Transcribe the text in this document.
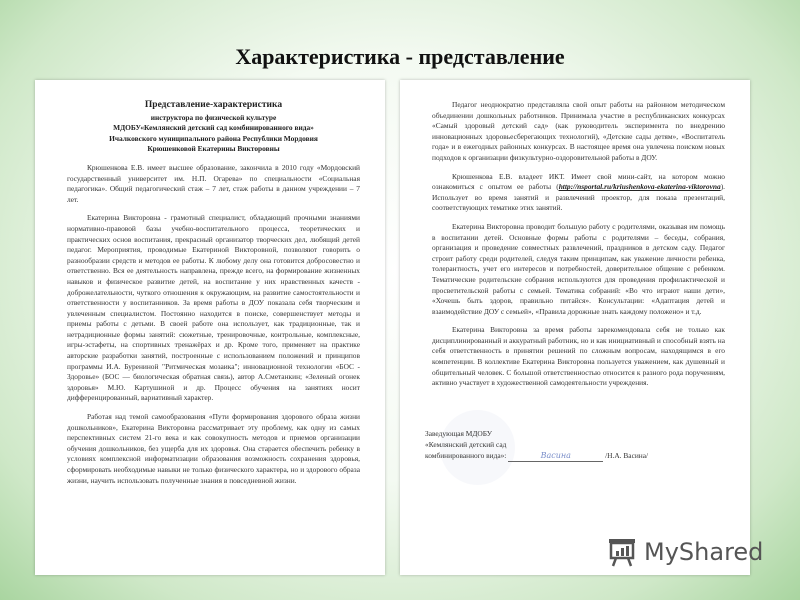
Характеристика - представление
Представление-характеристика
инструктора по физической культуре
МДОБУ«Кемлянский детский сад комбинированного вида»
Ичалковского муниципального района Республики Мордовия
Крюшенковой Екатерины Викторовны

Крюшенкова Е.В. имеет высшее образование, закончила в 2010 году «Мордовский государственный университет им. Н.П. Огарева» по специальности «Социальная педагогика». Общий педагогический стаж – 7 лет, стаж работы в данном учреждении – 7 лет.

Екатерина Викторовна - грамотный специалист, обладающий прочными знаниями нормативно-правовой базы учебно-воспитательного процесса, теоретических и практических основ воспитания, прекрасный организатор творческих дел, любящий детей педагог. Мероприятия, проводимые Екатериной Викторовной, позволяют говорить о разнообразии средств и методов ее работы. К любому делу она готовится добросовестно и ответственно. Вся ее деятельность направлена, прежде всего, на формирование жизненных навыков и физическое развитие детей, на воспитание у них нравственных качеств - доброжелательности, чуткого отношения к окружающим, на развитие самостоятельности и ответственности у воспитанников. За время работы в ДОУ показала себя творческим и увлеченным специалистом. Постоянно находится в поиске, совершенствует методы и приемы работы с детьми. В своей работе она использует, как традиционные, так и нетрадиционные формы занятий: сюжетные, тренировочные, контрольные, комплексные, игры-эстафеты, на спортивных тренажёрах и др. Кроме того, применяет на практике авторские разработки занятий, построенные с использованием положений и принципов программы И.А. Бурениной "Ритмическая мозаика"; инновационной технологии «БОС - Здоровье» (БОС — биологическая обратная связь), автор А.Сметанкин; «Зеленый огонек здоровья» М.Ю. Картушиной и др. Процесс обучения на занятиях носит дифференцированный, вариативный характер.

Работая над темой самообразования «Пути формирования здорового образа жизни дошкольников», Екатерина Викторовна рассматривает эту проблему, как одну из самых перспективных систем 21-го века и как совокупность методов и приемов организации обучения дошкольников, без ущерба для их здоровья. Она старается обеспечить ребенку в условиях комплексной информатизации образования возможность сохранения здоровья, сформировать необходимые навыки не только физического характера, но и здорового образа жизни, научить использовать полученные знания в повседневной жизни.

Педагог неоднократно представляла свой опыт работы на районном методическом объединении дошкольных работников. Принимала участие в республиканских конкурсах «Самый здоровый детский сад» (как руководитель эксперимента по внедрению инновационных здоровьесберегающих технологий), «Детские сады детям», «Воспитатель года» и в ежегодных районных конкурсах. В настоящее время она увлечена поиском новых подходов к организации физкультурно-оздоровительной работы в ДОУ.

Крюшенкова Е.В. владеет ИКТ. Имеет свой мини-сайт, на котором можно ознакомиться с опытом ее работы (http://nsportal.ru/kriushenkova-ekaterina-viktorovna). Использует во время занятий и развлечений проектор, для показа презентаций, соответствующих тематике этих занятий.

Екатерина Викторовна проводит большую работу с родителями, оказывая им помощь в воспитании детей. Основные формы работы с родителями – беседы, собрания, организация и проведение совместных развлечений, праздников в детском саду. Педагог строит работу среди родителей, следуя таким принципам, как уважение личности ребенка, толерантность, учет его интересов и потребностей, доверительное общение с ребенком. Тематические родительские собрания используются для проведения профилактической и просветительской работы с семьей. Тематика собраний: «Во что играют наши дети», «Хочешь быть здоров, правильно питайся». Консультации: «Адаптация детей и взаимодействие ДОУ с семьей», «Правила дорожные знать каждому положено» и т.д.

Екатерина Викторовна за время работы зарекомендовала себя не только как дисциплинированный и аккуратный работник, но и как инициативный и способный взять на себя ответственность в принятии решений по сложным вопросам, находящимся в его компетенции. В коллективе Екатерина Викторовна пользуется уважением, как душевный и общительный человек. С большой ответственностью относится к разного рода поручениям, активно участвует в художественной самодеятельности учреждения.

Заведующая МДОБУ
«Кемлянский детский сад
комбинированного вида»:	Васина	/Н.А. Васина/
MyShared
